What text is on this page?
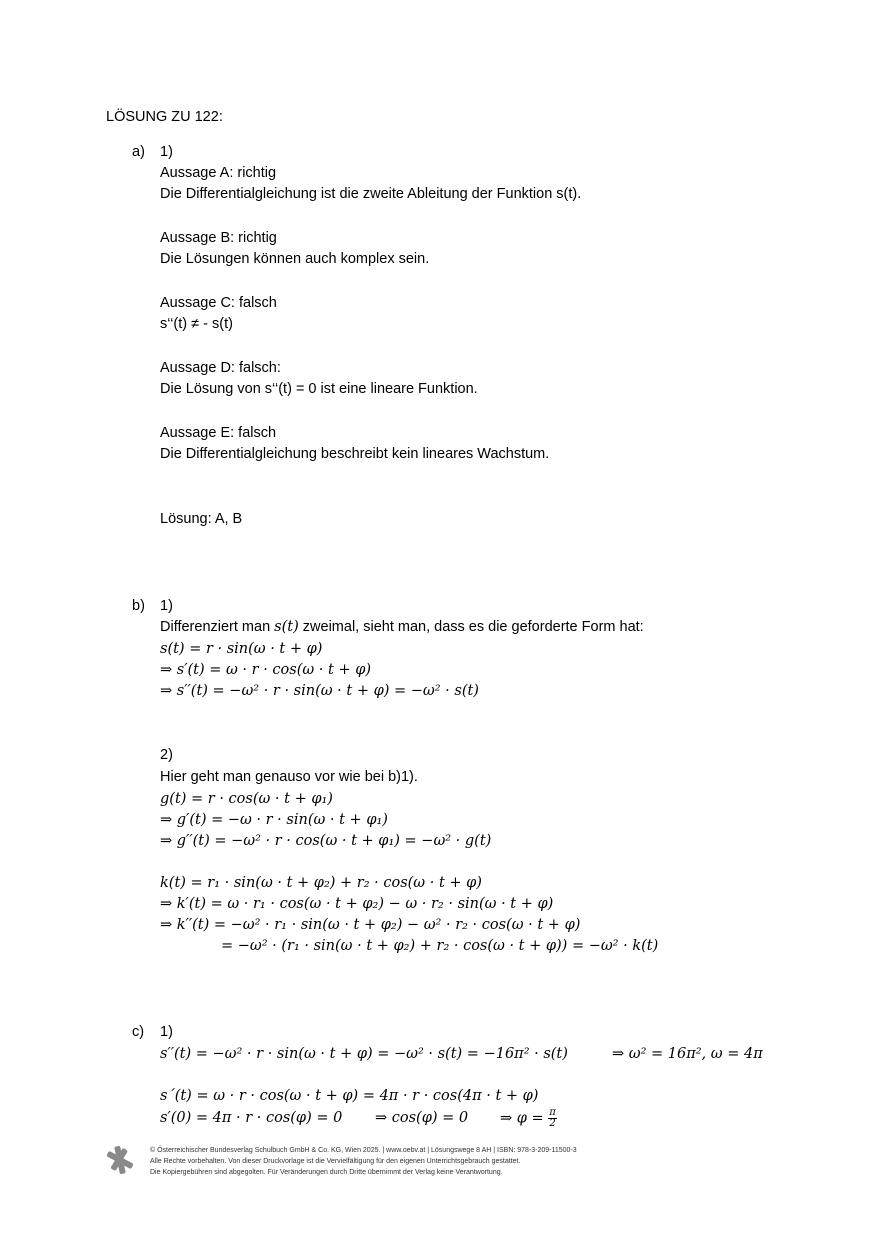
LÖSUNG ZU 122:
a) 1)
Aussage A: richtig
Die Differentialgleichung ist die zweite Ableitung der Funktion s(t).
Aussage B: richtig
Die Lösungen können auch komplex sein.
Aussage C: falsch
s‘‘(t) ≠ - s(t)
Aussage D: falsch:
Die Lösung von s‘‘(t) = 0 ist eine lineare Funktion.
Aussage E: falsch
Die Differentialgleichung beschreibt kein lineares Wachstum.
Lösung: A, B
b) 1)
Differenziert man s(t) zweimal, sieht man, dass es die geforderte Form hat:
s(t) = r · sin(ω · t + φ)
⇒ s′(t) = ω · r · cos(ω · t + φ)
⇒ s′′(t) = −ω² · r · sin(ω · t + φ) = −ω² · s(t)
2)
Hier geht man genauso vor wie bei b)1).
g(t) = r · cos(ω · t + φ₁)
⇒ g′(t) = −ω · r · sin(ω · t + φ₁)
⇒ g′′(t) = −ω² · r · cos(ω · t + φ₁) = −ω² · g(t)
k(t) = r₁ · sin(ω · t + φ₂) + r₂ · cos(ω · t + φ)
⇒ k′(t) = ω · r₁ · cos(ω · t + φ₂) − ω · r₂ · sin(ω · t + φ)
⇒ k′′(t) = −ω² · r₁ · sin(ω · t + φ₂) − ω² · r₂ · cos(ω · t + φ)
= −ω² · (r₁ · sin(ω · t + φ₂) + r₂ · cos(ω · t + φ)) = −ω² · k(t)
c) 1)
s′′(t) = −ω² · r · sin(ω · t + φ) = −ω² · s(t) = −16π² · s(t)	⇒ ω² = 16π², ω = 4π
s´(t) = ω · r · cos(ω · t + φ) = 4π · r · cos(4π · t + φ)
s′(0) = 4π · r · cos(φ) = 0 ⇒ cos(φ) = 0 ⇒ $\varphi = \frac{\pi}{2}$
© Österreichischer Bundesverlag Schulbuch GmbH & Co. KG, Wien 2025. | www.oebv.at | Lösungswege 8 AH | ISBN: 978-3-209-11500-3
Alle Rechte vorbehalten. Von dieser Druckvorlage ist die Vervielfältigung für den eigenen Unterrichtsgebrauch gestattet.
Die Kopiergebühren sind abgegolten. Für Veränderungen durch Dritte übernimmt der Verlag keine Verantwortung.
